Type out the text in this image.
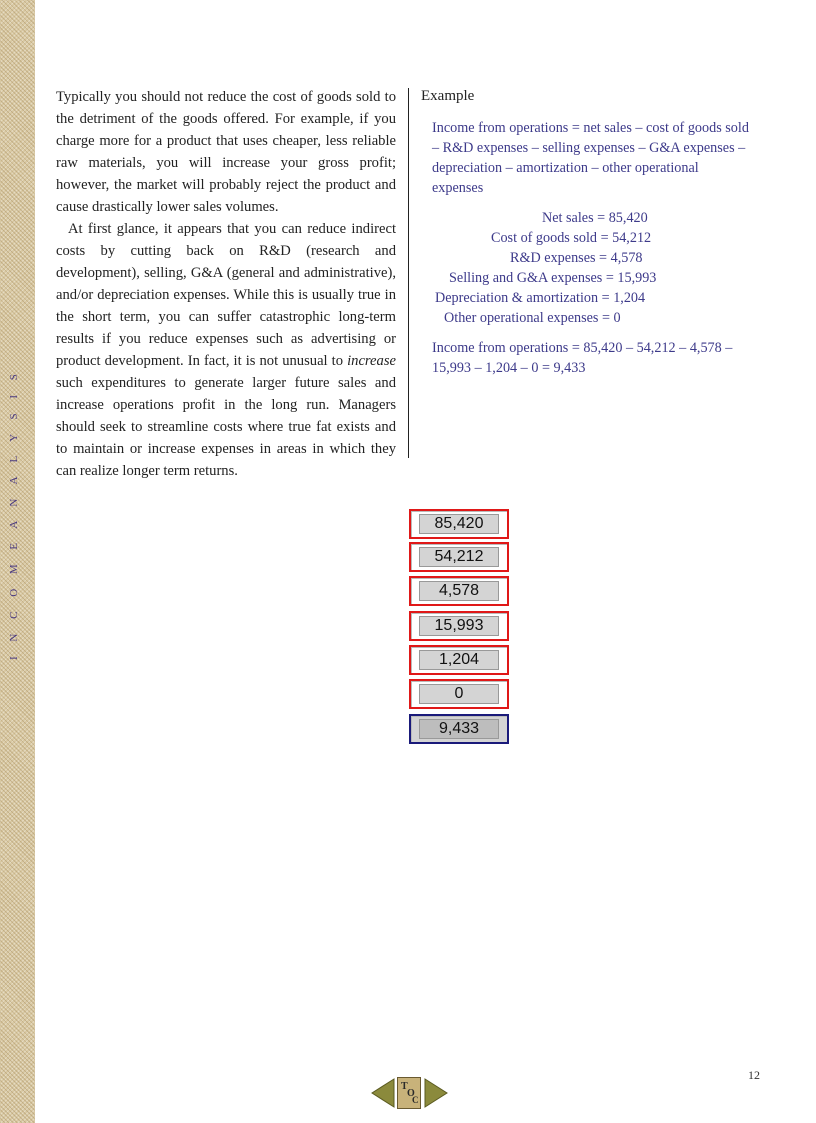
I N C O M E A N A L Y S I S

Typically you should not reduce the cost of goods sold to the detriment of the goods offered. For example, if you charge more for a product that uses cheaper, less reliable raw materials, you will increase your gross profit; however, the market will probably reject the product and cause drastically lower sales volumes.

At first glance, it appears that you can reduce indirect costs by cutting back on R&D (research and development), selling, G&A (general and administrative), and/or depreciation expenses. While this is usually true in the short term, you can suffer catastrophic long-term results if you reduce expenses such as advertising or product development. In fact, it is not unusual to increase such expenditures to generate larger future sales and increase operations profit in the long run. Managers should seek to streamline costs where true fat exists and to maintain or increase expenses in areas in which they can realize longer term returns.

Example
Income from operations = net sales – cost of goods sold – R&D expenses – selling expenses – G&A expenses – depreciation – amortization – other operational expenses
Net sales = 85,420
Cost of goods sold = 54,212
R&D expenses = 4,578
Selling and G&A expenses = 15,993
Depreciation & amortization = 1,204
Other operational expenses = 0
Income from operations = 85,420 – 54,212 – 4,578 – 15,993 – 1,204 – 0 = 9,433
85,420
54,212
4,578
15,993
1,204
0
9,433
12
T
O
C
